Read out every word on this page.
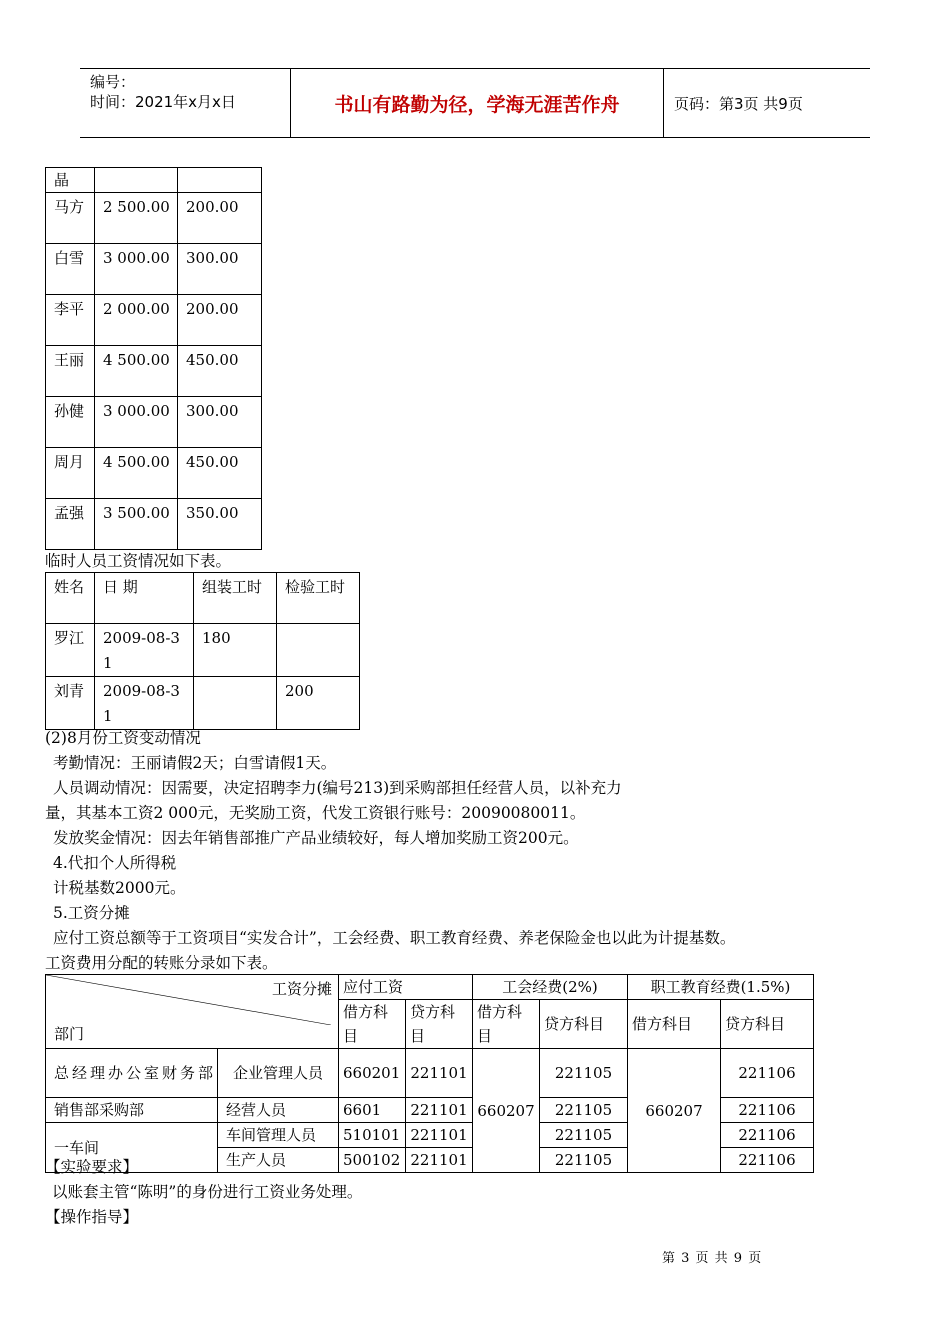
编号：
时间：2021年x月x日	书山有路勤为径，学海无涯苦作舟	页码：第3页 共9页
晶		
马方	2 500.00	200.00
白雪	3 000.00	300.00
李平	2 000.00	200.00
王丽	4 500.00	450.00
孙健	3 000.00	300.00
周月	4 500.00	450.00
孟强	3 500.00	350.00
临时人员工资情况如下表。
姓名	日 期	组装工时	检验工时
罗江	2009-08-3 1	180	
刘青	2009-08-3 1		200
(2)8月份工资变动情况
考勤情况：王丽请假2天；白雪请假1天。
人员调动情况：因需要，决定招聘李力(编号213)到采购部担任经营人员，以补充力
量，其基本工资2 000元，无奖励工资，代发工资银行账号：20090080011。
发放奖金情况：因去年销售部推广产品业绩较好，每人增加奖励工资200元。
4.代扣个人所得税
计税基数2000元。
5.工资分摊
应付工资总额等于工资项目“实发合计”，工会经费、职工教育经费、养老保险金也以此为计提基数。
工资费用分配的转账分录如下表。
工资分摊
部门		应付工资		工会经费(2%)		职工教育经费(1.5%)	
		借方科目	贷方科目	借方科目	贷方科目	借方科目	贷方科目
总经理办公室财务部	企业管理人员	660201	221101	660207	221105	660207	221106
销售部采购部	经营人员	6601	221101		221105		221106
一车间	车间管理人员	510101	221101		221105		221106
	生产人员	500102	221101		221105		221106
【实验要求】
以账套主管“陈明”的身份进行工资业务处理。
【操作指导】
第 3 页 共 9 页
